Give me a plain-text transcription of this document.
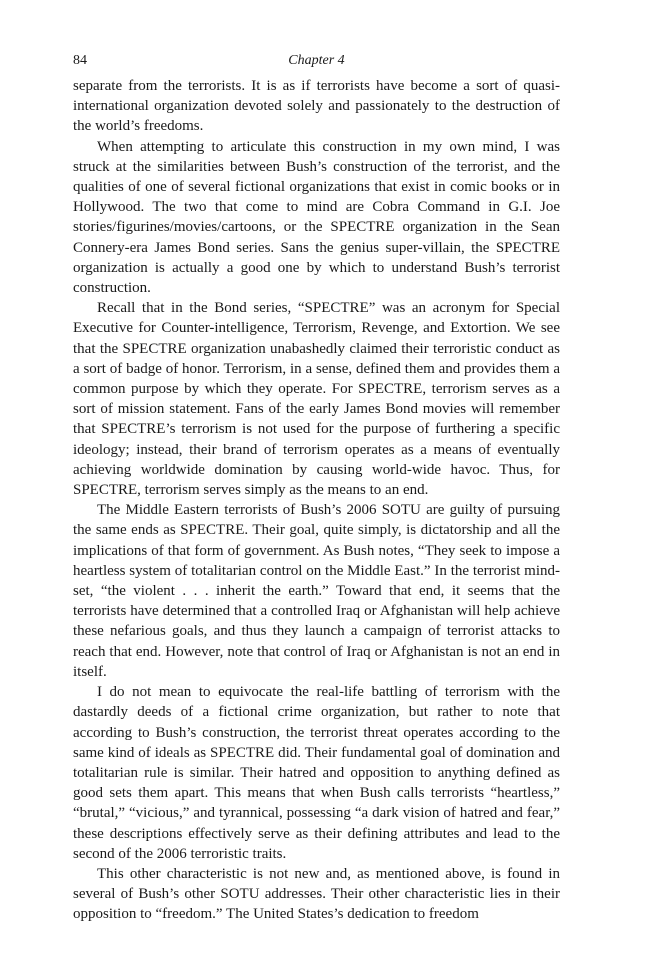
84	Chapter 4

separate from the terrorists. It is as if terrorists have become a sort of quasi-international organization devoted solely and passionately to the destruction of the world’s freedoms.

When attempting to articulate this construction in my own mind, I was struck at the similarities between Bush’s construction of the terrorist, and the qualities of one of several fictional organizations that exist in comic books or in Hollywood. The two that come to mind are Cobra Command in G.I. Joe stories/figurines/movies/cartoons, or the SPECTRE organization in the Sean Connery-era James Bond series. Sans the genius super-villain, the SPECTRE organization is actually a good one by which to understand Bush’s terrorist construction.

Recall that in the Bond series, “SPECTRE” was an acronym for Special Executive for Counter-intelligence, Terrorism, Revenge, and Extortion. We see that the SPECTRE organization unabashedly claimed their terroristic conduct as a sort of badge of honor. Terrorism, in a sense, defined them and provides them a common purpose by which they operate. For SPECTRE, terrorism serves as a sort of mission statement. Fans of the early James Bond movies will remember that SPECTRE’s terrorism is not used for the purpose of furthering a specific ideology; instead, their brand of terrorism operates as a means of eventually achieving worldwide domination by causing world-wide havoc. Thus, for SPECTRE, terrorism serves simply as the means to an end.

The Middle Eastern terrorists of Bush’s 2006 SOTU are guilty of pursuing the same ends as SPECTRE. Their goal, quite simply, is dictatorship and all the implications of that form of government. As Bush notes, “They seek to impose a heartless system of totalitarian control on the Middle East.” In the terrorist mind-set, “the violent . . . inherit the earth.” Toward that end, it seems that the terrorists have determined that a controlled Iraq or Afghanistan will help achieve these nefarious goals, and thus they launch a campaign of terrorist attacks to reach that end. However, note that control of Iraq or Afghanistan is not an end in itself.

I do not mean to equivocate the real-life battling of terrorism with the dastardly deeds of a fictional crime organization, but rather to note that according to Bush’s construction, the terrorist threat operates according to the same kind of ideals as SPECTRE did. Their fundamental goal of domination and totalitarian rule is similar. Their hatred and opposition to anything defined as good sets them apart. This means that when Bush calls terrorists “heartless,” “brutal,” “vicious,” and tyrannical, possessing “a dark vision of hatred and fear,” these descriptions effectively serve as their defining attributes and lead to the second of the 2006 terroristic traits.

This other characteristic is not new and, as mentioned above, is found in several of Bush’s other SOTU addresses. Their other characteristic lies in their opposition to “freedom.” The United States’s dedication to freedom
